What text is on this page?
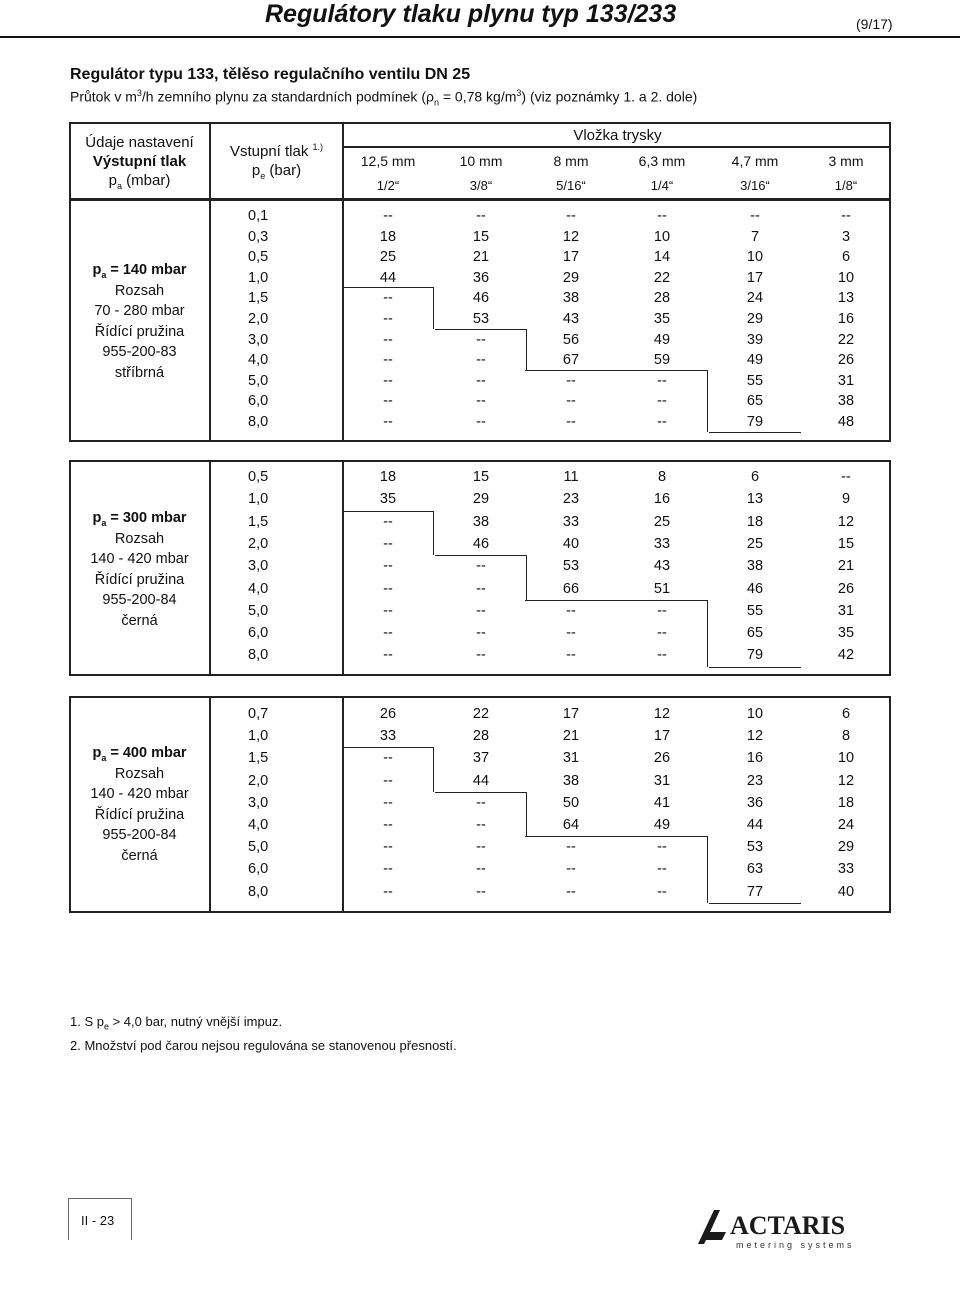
Regulátory tlaku plynu typ 133/233	(9/17)
Regulátor typu 133, tělěso regulačního ventilu DN 25
Průtok v $m^3/h$ zemního plynu za standardních podmínek ($\rho_n = 0,78$ $kg/m^3$) (viz poznámky 1. a 2. dole)
Údaje nastavení
Výstupní tlak
$p_a$ (mbar)
Vstupní tlak $^{1.)}$
$p_e$ (bar)
Vložka trysky
12,5 mm	10 mm	8 mm	6,3 mm	4,7 mm	3 mm
1/2“	3/8“	5/16“	1/4“	3/16“	1/8“
$p_a = 140$ mbar
Rozsah
70 - 280 mbar
Řídící pružina
955-200-83
stříbrná
0,1	--	--	--	--	--	--
0,3	18	15	12	10	7	3
0,5	25	21	17	14	10	6
1,0	44	36	29	22	17	10
1,5	--	46	38	28	24	13
2,0	--	53	43	35	29	16
3,0	--	--	56	49	39	22
4,0	--	--	67	59	49	26
5,0	--	--	--	--	55	31
6,0	--	--	--	--	65	38
8,0	--	--	--	--	79	48
$p_a = 300$ mbar
Rozsah
140 - 420 mbar
Řídící pružina
955-200-84
černá
0,5	18	15	11	8	6	--
1,0	35	29	23	16	13	9
1,5	--	38	33	25	18	12
2,0	--	46	40	33	25	15
3,0	--	--	53	43	38	21
4,0	--	--	66	51	46	26
5,0	--	--	--	--	55	31
6,0	--	--	--	--	65	35
8,0	--	--	--	--	79	42
$p_a = 400$ mbar
Rozsah
140 - 420 mbar
Řídící pružina
955-200-84
černá
0,7	26	22	17	12	10	6
1,0	33	28	21	17	12	8
1,5	--	37	31	26	16	10
2,0	--	44	38	31	23	12
3,0	--	--	50	41	36	18
4,0	--	--	64	49	44	24
5,0	--	--	--	--	53	29
6,0	--	--	--	--	63	33
8,0	--	--	--	--	77	40
1. S $p_e > 4,0$ bar, nutný vnější impuz.
2. Množství pod čarou nejsou regulována se stanovenou přesností.
II - 23	ACTARIS
metering systems
